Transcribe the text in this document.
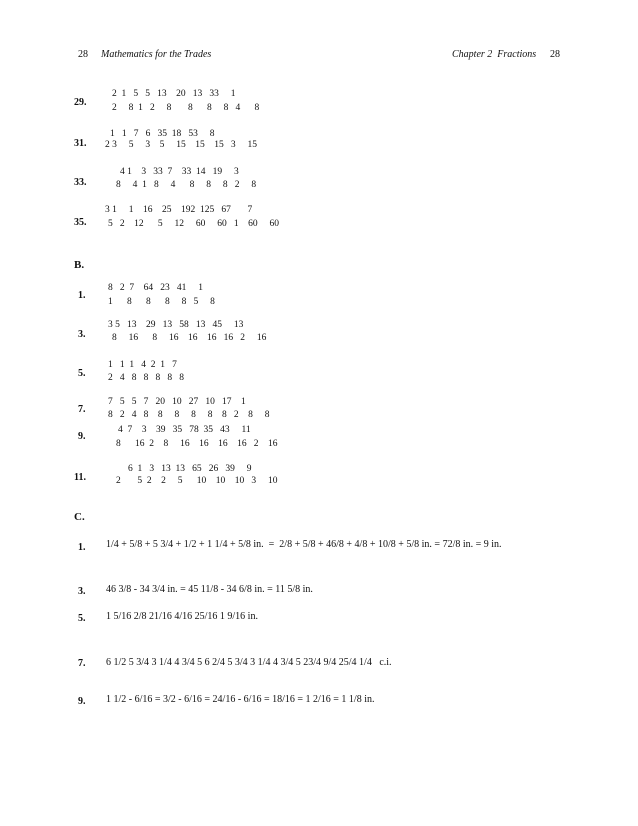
28 Mathematics for the Trades	Chapter 2  Fractions 28
29.
2  1   5   5   13    20   13   33     1
2     8  1   2     8       8      8     8   4      8
31.
1   1   7   6   35  18   53     8
2 3     5     3    5     15    15    15   3     15
33.
4 1    3   33  7    33  14   19     3
8     4  1   8     4      8     8     8   2     8
35.
3 1     1    16    25    192  125   67       7
5   2    12      5     12     60     60   1    60     60
B.
1.
8   2  7    64   23   41     1
1      8      8      8     8   5     8
3.
3 5   13    29   13   58   13   45     13
8     16      8     16    16    16   16   2     16
5.
1   1  1   4  2  1   7
2   4   8   8   8   8   8
7.
7   5   5   7   20   10   27   10   17    1
8   2   4   8    8     8     8     8    8   2    8     8
9.
4  7    3    39   35   78  35   43     11
8      16  2    8     16    16    16    16   2    16
11.
6  1   3   13  13   65   26   39     9
2       5  2    2     5      10    10    10   3     10
C.
1. 1/4 + 5/8 + 5 3/4 + 1/2 + 1 1/4 + 5/8 in.  =  2/8 + 5/8 + 46/8 + 4/8 + 10/8 + 5/8 in. = 72/8 in. = 9 in.
3. 46 3/8 - 34 3/4 in. = 45 11/8 - 34 6/8 in. = 11 5/8 in.
5. 1 5/16 2/8 21/16 4/16 25/16 1 9/16 in.
7. 6 1/2 5 3/4 3 1/4 4 3/4 5 6 2/4 5 3/4 3 1/4 4 3/4 5 23/4 9/4 25/4 1/4   c.i.
9. 1 1/2 - 6/16 = 3/2 - 6/16 = 24/16 - 6/16 = 18/16 = 1 2/16 = 1 1/8 in.
